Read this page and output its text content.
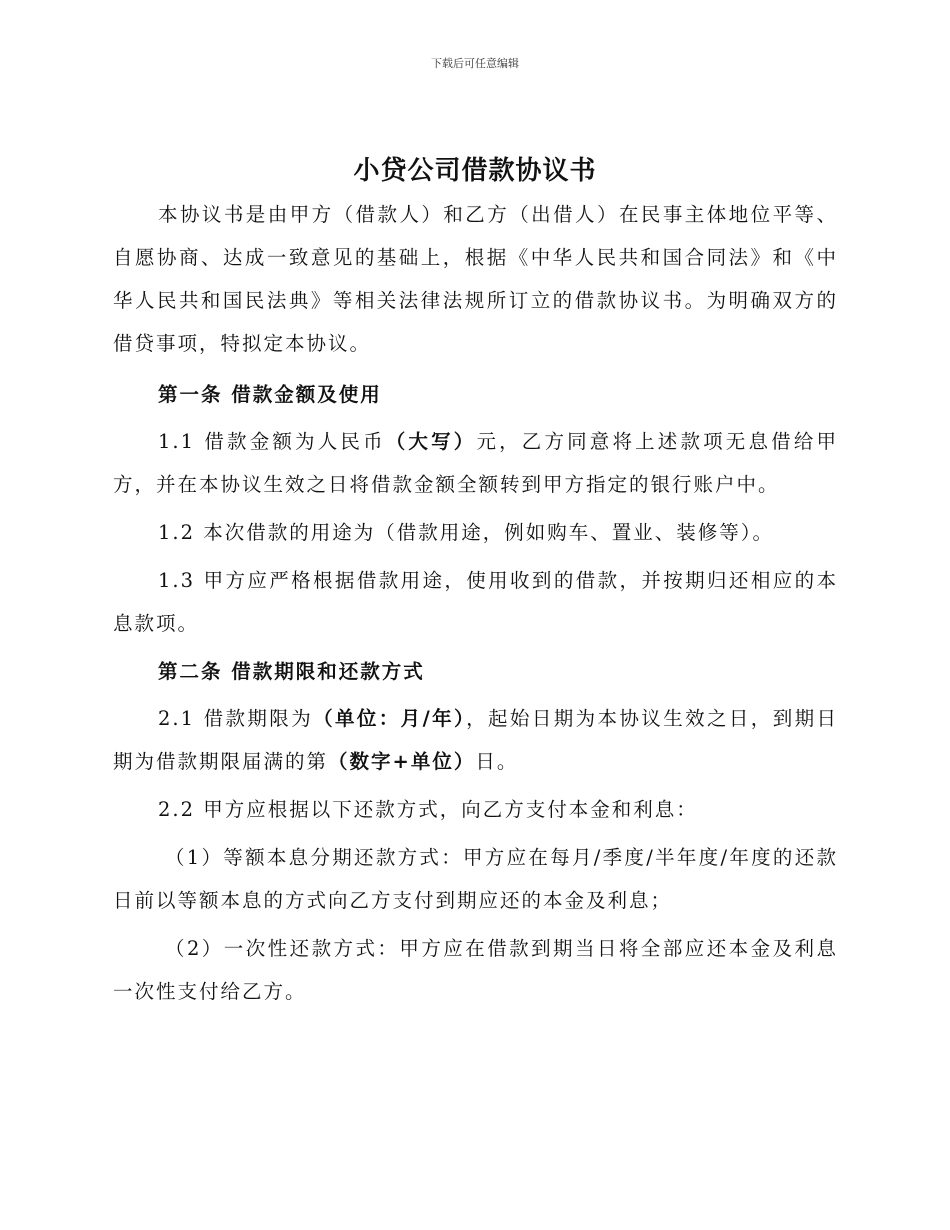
下载后可任意编辑
小贷公司借款协议书

本协议书是由甲方（借款人）和乙方（出借人）在民事主体地位平等、自愿协商、达成一致意见的基础上，根据《中华人民共和国合同法》和《中华人民共和国民法典》等相关法律法规所订立的借款协议书。为明确双方的借贷事项，特拟定本协议。

第一条 借款金额及使用

1.1 借款金额为人民币（大写）元，乙方同意将上述款项无息借给甲方，并在本协议生效之日将借款金额全额转到甲方指定的银行账户中。

1.2 本次借款的用途为（借款用途，例如购车、置业、装修等）。

1.3 甲方应严格根据借款用途，使用收到的借款，并按期归还相应的本息款项。

第二条 借款期限和还款方式

2.1 借款期限为（单位：月/年），起始日期为本协议生效之日，到期日期为借款期限届满的第（数字+单位）日。

2.2 甲方应根据以下还款方式，向乙方支付本金和利息：

（1）等额本息分期还款方式：甲方应在每月/季度/半年度/年度的还款日前以等额本息的方式向乙方支付到期应还的本金及利息；

（2）一次性还款方式：甲方应在借款到期当日将全部应还本金及利息一次性支付给乙方。
